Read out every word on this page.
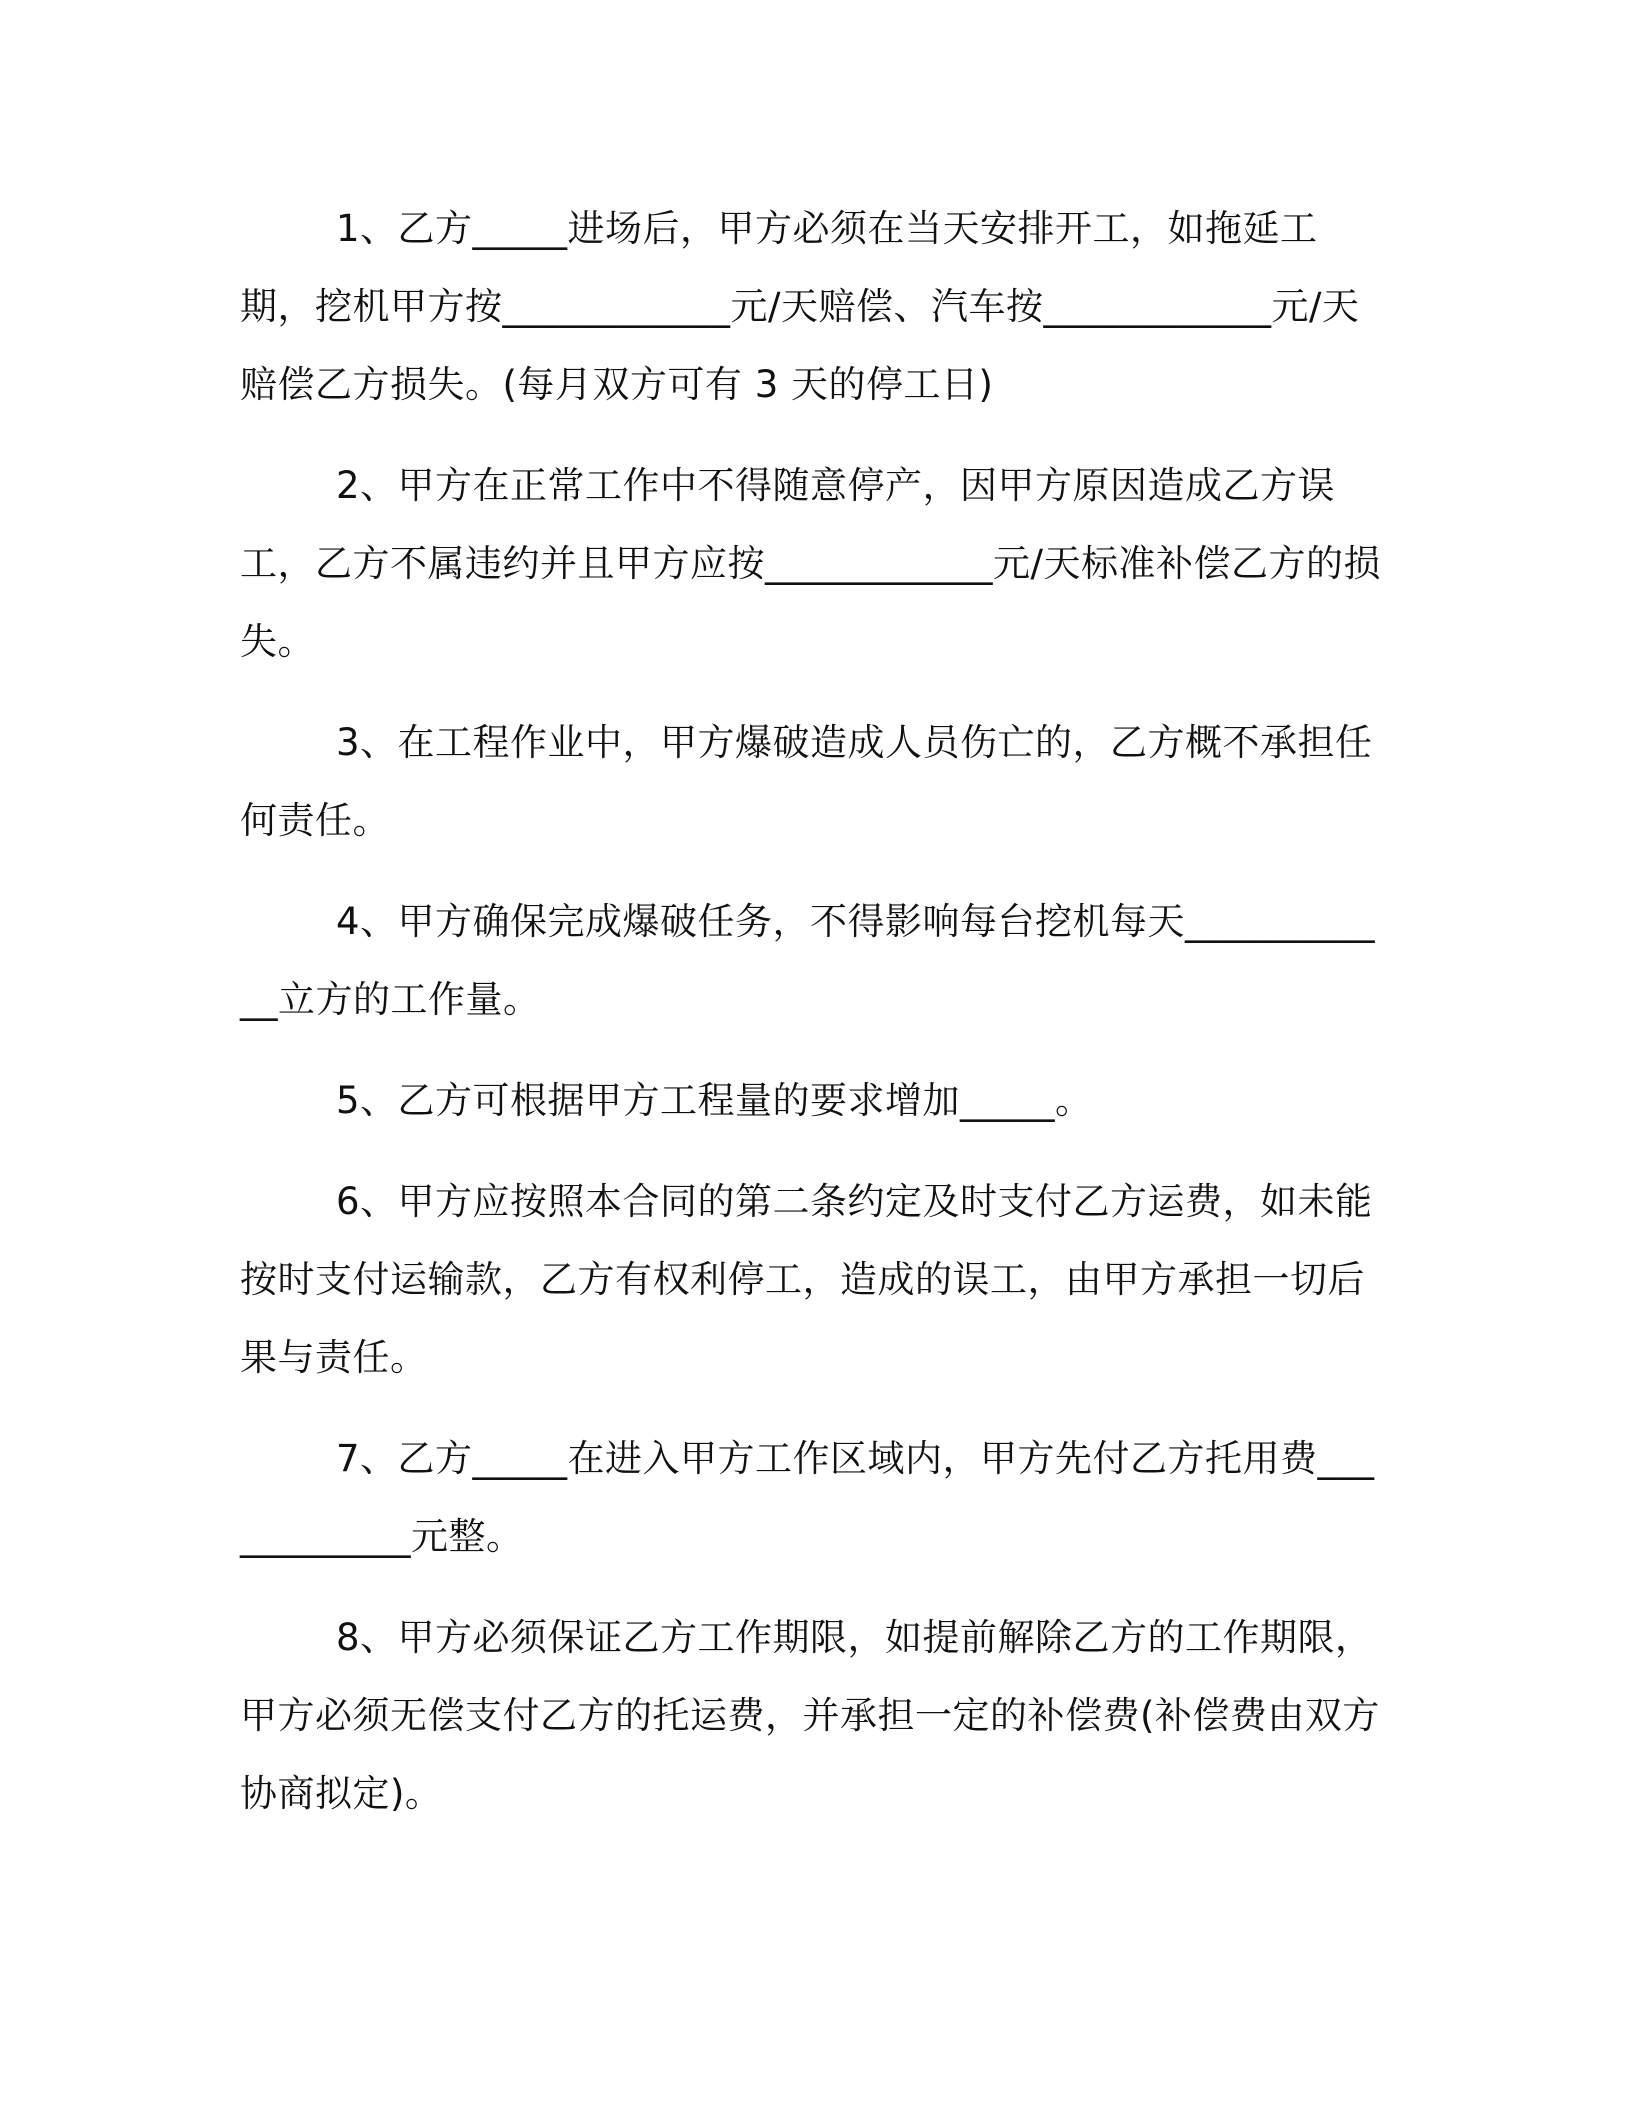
1、乙方_____进场后，甲方必须在当天安排开工，如拖延工期，挖机甲方按____________元/天赔偿、汽车按____________元/天赔偿乙方损失。(每月双方可有 3 天的停工日)

2、甲方在正常工作中不得随意停产，因甲方原因造成乙方误工，乙方不属违约并且甲方应按____________元/天标准补偿乙方的损失。

3、在工程作业中，甲方爆破造成人员伤亡的，乙方概不承担任何责任。

4、甲方确保完成爆破任务，不得影响每台挖机每天____________立方的工作量。

5、乙方可根据甲方工程量的要求增加_____。

6、甲方应按照本合同的第二条约定及时支付乙方运费，如未能按时支付运输款，乙方有权利停工，造成的误工，由甲方承担一切后果与责任。

7、乙方_____在进入甲方工作区域内，甲方先付乙方托用费____________元整。

8、甲方必须保证乙方工作期限，如提前解除乙方的工作期限，甲方必须无偿支付乙方的托运费，并承担一定的补偿费(补偿费由双方协商拟定)。
